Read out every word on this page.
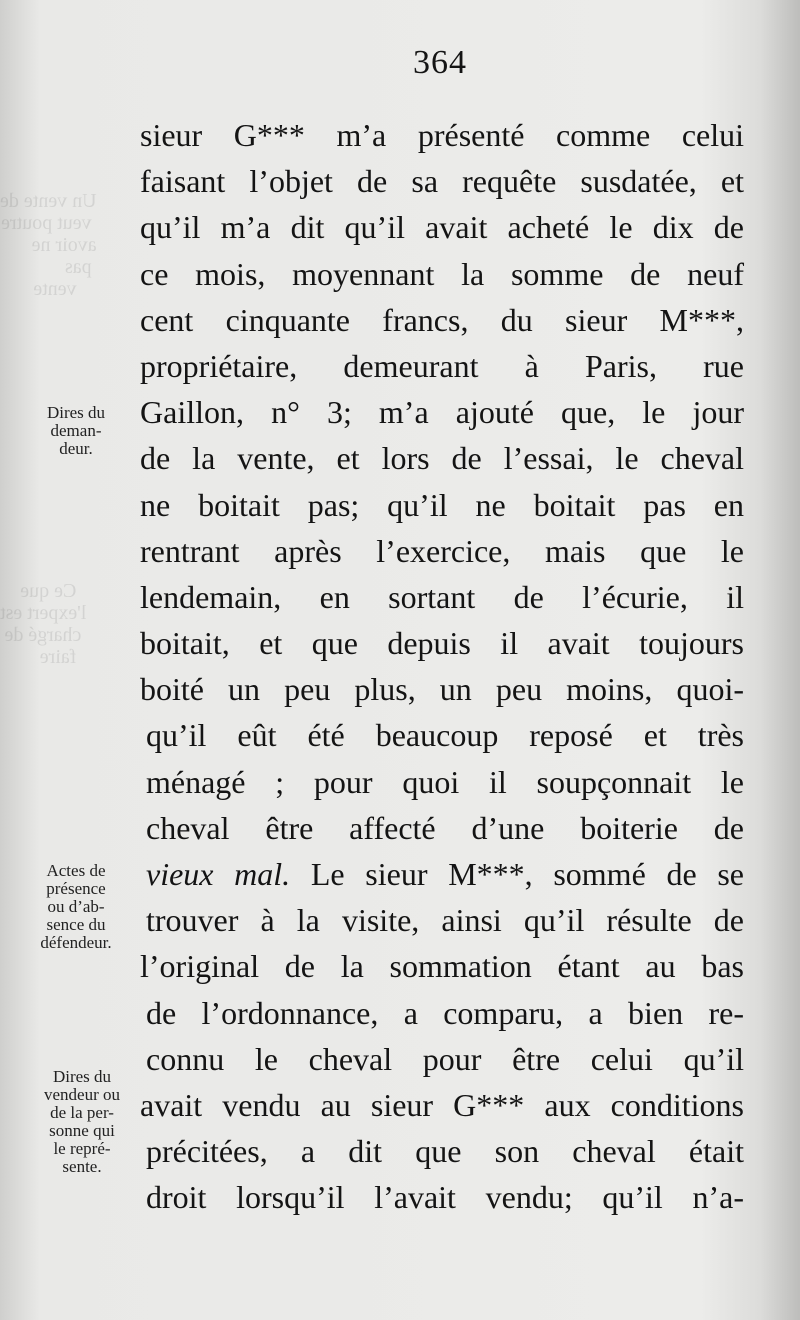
Un vente de
veut poutre
avoir ne
pas
vente
Ce que
l'expert est
chargé de
faire
364
sieur G*** m’a présenté comme celui
faisant l’objet de sa requête susdatée, et
qu’il m’a dit qu’il avait acheté le dix de
ce mois, moyennant la somme de neuf
cent cinquante francs, du sieur M***,
propriétaire, demeurant à Paris, rue
Gaillon, n° 3; m’a ajouté que, le jour
de la vente, et lors de l’essai, le cheval
ne boitait pas; qu’il ne boitait pas en
rentrant après l’exercice, mais que le
lendemain, en sortant de l’écurie, il
boitait, et que depuis il avait toujours
boité un peu plus, un peu moins, quoi-
qu’il eût été beaucoup reposé et très
ménagé ; pour quoi il soupçonnait le
cheval être affecté d’une boiterie de
vieux mal. Le sieur M***, sommé de se
trouver à la visite, ainsi qu’il résulte de
l’original de la sommation étant au bas
de l’ordonnance, a comparu, a bien re-
connu le cheval pour être celui qu’il
avait vendu au sieur G*** aux conditions
précitées, a dit que son cheval était
droit lorsqu’il l’avait vendu; qu’il n’a-
Dires du
deman-
deur.
Actes de
présence
ou d’ab-
sence du
défendeur.
Dires du
vendeur ou
de la per-
sonne qui
le repré-
sente.
